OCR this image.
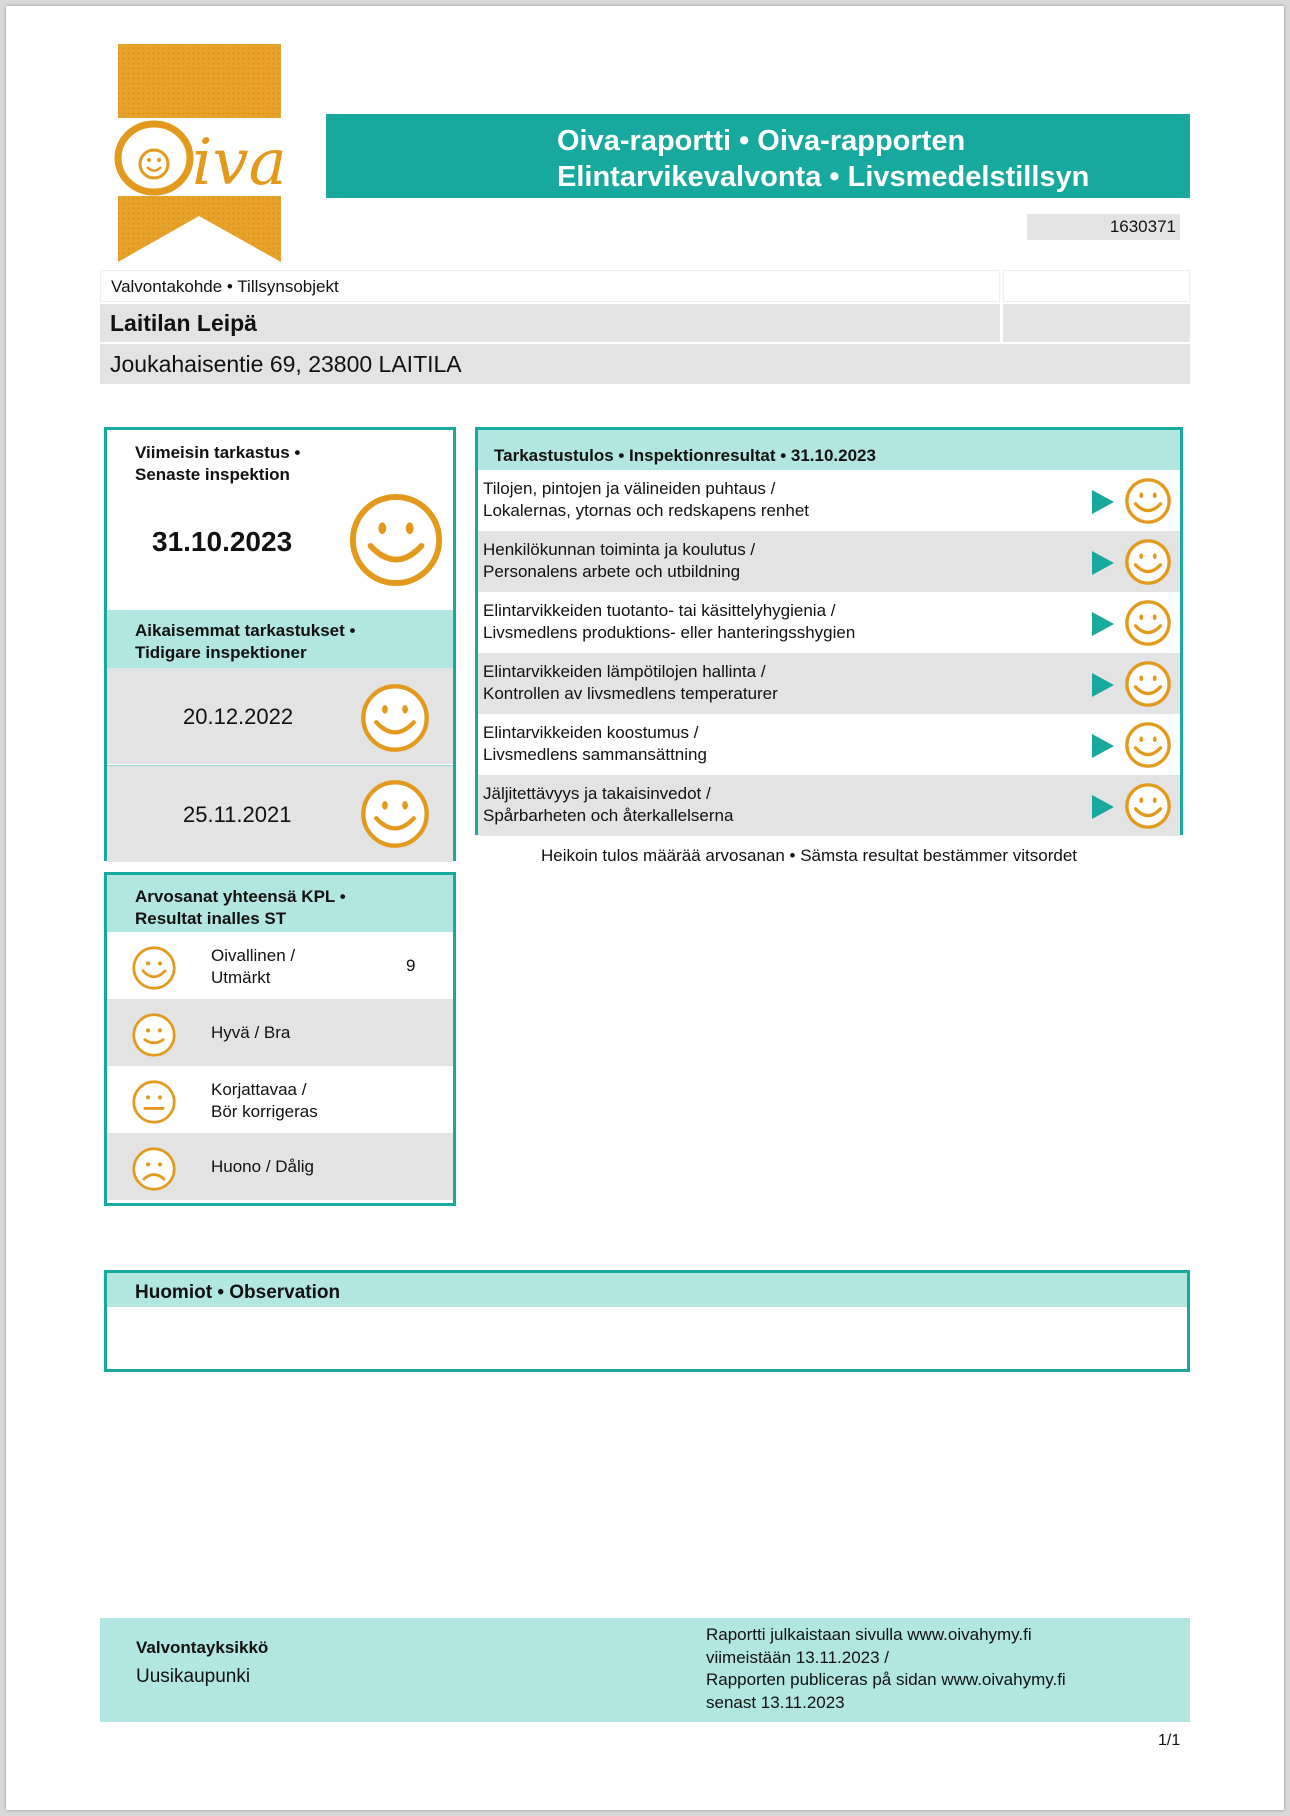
iva	Oiva-raportti • Oiva-rapporten
Elintarvikevalvonta • Livsmedelstillsyn
1630371
Valvontakohde • Tillsynsobjekt
Laitilan Leipä
Joukahaisentie 69, 23800 LAITILA
Viimeisin tarkastus •
Senaste inspektion
31.10.2023
Aikaisemmat tarkastukset •
Tidigare inspektioner
20.12.2022
25.11.2021
Tarkastustulos • Inspektionresultat • 31.10.2023
Tilojen, pintojen ja välineiden puhtaus /
Lokalernas, ytornas och redskapens renhet
Henkilökunnan toiminta ja koulutus /
Personalens arbete och utbildning
Elintarvikkeiden tuotanto- tai käsittelyhygienia /
Livsmedlens produktions- eller hanteringsshygien
Elintarvikkeiden lämpötilojen hallinta /
Kontrollen av livsmedlens temperaturer
Elintarvikkeiden koostumus /
Livsmedlens sammansättning
Jäljitettävyys ja takaisinvedot /
Spårbarheten och återkallelserna
Heikoin tulos määrää arvosanan • Sämsta resultat bestämmer vitsordet
Arvosanat yhteensä KPL •
Resultat inalles ST
Oivallinen /
Utmärkt
9
Hyvä / Bra
Korjattavaa /
Bör korrigeras
Huono / Dålig
Huomiot • Observation
Valvontayksikkö
Uusikaupunki
Raportti julkaistaan sivulla www.oivahymy.fi
viimeistään 13.11.2023 /
Rapporten publiceras på sidan www.oivahymy.fi
senast 13.11.2023
1/1
